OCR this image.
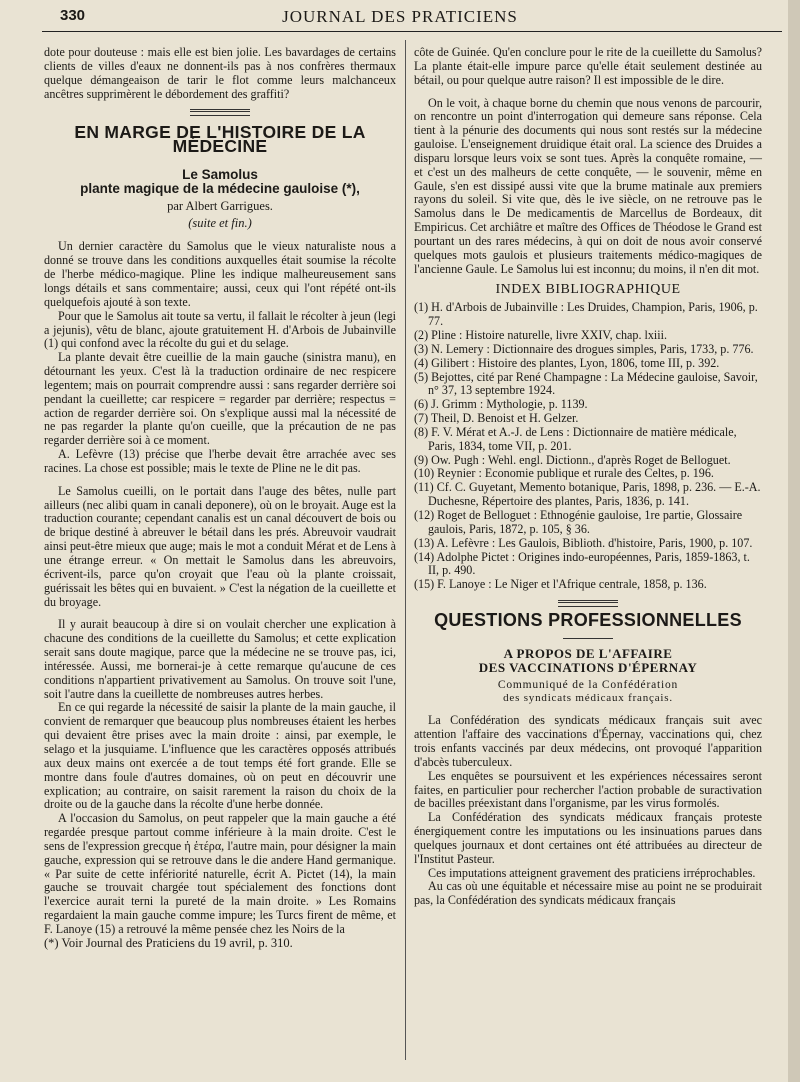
330	JOURNAL DES PRATICIENS

dote pour douteuse : mais elle est bien jolie. Les bavardages de certains clients de villes d'eaux ne donnent-ils pas à nos confrères thermaux quelque démangeaison de tarir le flot comme leurs malchanceux ancêtres supprimèrent le débordement des graffiti?

EN MARGE DE L'HISTOIRE DE LA MÉDECINE
Le Samolus
plante magique de la médecine gauloise (*),
par Albert Garrigues.
(suite et fin.)

Un dernier caractère du Samolus que le vieux naturaliste nous a donné se trouve dans les conditions auxquelles était soumise la récolte de l'herbe médico-magique. Pline les indique malheureusement sans longs détails et sans commentaire; aussi, ceux qui l'ont répété ont-ils quelquefois ajouté à son texte.

Pour que le Samolus ait toute sa vertu, il fallait le récolter à jeun (legi a jejunis), vêtu de blanc, ajoute gratuitement H. d'Arbois de Jubainville (1) qui confond avec la récolte du gui et du selage.

La plante devait être cueillie de la main gauche (sinistra manu), en détournant les yeux. C'est là la traduction ordinaire de nec respicere legentem; mais on pourrait comprendre aussi : sans regarder derrière soi pendant la cueillette; car respicere = regarder par derrière; respectus = action de regarder derrière soi. On s'explique aussi mal la nécessité de ne pas regarder la plante qu'on cueille, que la précaution de ne pas regarder derrière soi à ce moment.

A. Lefèvre (13) précise que l'herbe devait être arrachée avec ses racines. La chose est possible; mais le texte de Pline ne le dit pas.

Le Samolus cueilli, on le portait dans l'auge des bêtes, nulle part ailleurs (nec alibi quam in canali deponere), où on le broyait. Auge est la traduction courante; cependant canalis est un canal découvert de bois ou de brique destiné à abreuver le bétail dans les prés. Abreuvoir vaudrait ainsi peut-être mieux que auge; mais le mot a conduit Mérat et de Lens à une étrange erreur. « On mettait le Samolus dans les abreuvoirs, écrivent-ils, parce qu'on croyait que l'eau où la plante croissait, guérissait les bêtes qui en buvaient. » C'est la négation de la cueillette et du broyage.

Il y aurait beaucoup à dire si on voulait chercher une explication à chacune des conditions de la cueillette du Samolus; et cette explication serait sans doute magique, parce que la médecine ne se trouve pas, ici, intéressée. Aussi, me bornerai-je à cette remarque qu'aucune de ces conditions n'appartient privativement au Samolus. On trouve soit l'une, soit l'autre dans la cueillette de nombreuses autres herbes.

En ce qui regarde la nécessité de saisir la plante de la main gauche, il convient de remarquer que beaucoup plus nombreuses étaient les herbes qui devaient être prises avec la main droite : ainsi, par exemple, le selago et la jusquiame. L'influence que les caractères opposés attribués aux deux mains ont exercée a de tout temps été fort grande. Elle se montre dans foule d'autres domaines, où on peut en découvrir une explication; au contraire, on saisit rarement la raison du choix de la droite ou de la gauche dans la récolte d'une herbe donnée.

A l'occasion du Samolus, on peut rappeler que la main gauche a été regardée presque partout comme inférieure à la main droite. C'est le sens de l'expression grecque ἡ ἑτέρα, l'autre main, pour désigner la main gauche, expression qui se retrouve dans le die andere Hand germanique. « Par suite de cette infériorité naturelle, écrit A. Pictet (14), la main gauche se trouvait chargée tout spécialement des fonctions dont l'exercice aurait terni la pureté de la main droite. » Les Romains regardaient la main gauche comme impure; les Turcs firent de même, et F. Lanoye (15) a retrouvé la même pensée chez les Noirs de la

(*) Voir Journal des Praticiens du 19 avril, p. 310.

côte de Guinée. Qu'en conclure pour le rite de la cueillette du Samolus? La plante était-elle impure parce qu'elle était seulement destinée au bétail, ou pour quelque autre raison? Il est impossible de le dire.

On le voit, à chaque borne du chemin que nous venons de parcourir, on rencontre un point d'interrogation qui demeure sans réponse. Cela tient à la pénurie des documents qui nous sont restés sur la médecine gauloise. L'enseignement druidique était oral. La science des Druides a disparu lorsque leurs voix se sont tues. Après la conquête romaine, — et c'est un des malheurs de cette conquête, — le souvenir, même en Gaule, s'en est dissipé aussi vite que la brume matinale aux premiers rayons du soleil. Si vite que, dès le ive siècle, on ne retrouve pas le Samolus dans le De medicamentis de Marcellus de Bordeaux, dit Empiricus. Cet archiâtre et maître des Offices de Théodose le Grand est pourtant un des rares médecins, à qui on doit de nous avoir conservé quelques mots gaulois et plusieurs traitements médico-magiques de l'ancienne Gaule. Le Samolus lui est inconnu; du moins, il n'en dit mot.

INDEX BIBLIOGRAPHIQUE

(1) H. d'Arbois de Jubainville : Les Druides, Champion, Paris, 1906, p. 77.

(2) Pline : Histoire naturelle, livre XXIV, chap. lxiii.

(3) N. Lemery : Dictionnaire des drogues simples, Paris, 1733, p. 776.

(4) Gilibert : Histoire des plantes, Lyon, 1806, tome III, p. 392.

(5) Bejottes, cité par René Champagne : La Médecine gauloise, Savoir, n° 37, 13 septembre 1924.

(6) J. Grimm : Mythologie, p. 1139.

(7) Theil, D. Benoist et H. Gelzer.

(8) F. V. Mérat et A.-J. de Lens : Dictionnaire de matière médicale, Paris, 1834, tome VII, p. 201.

(9) Ow. Pugh : Wehl. engl. Dictionn., d'après Roget de Belloguet.

(10) Reynier : Economie publique et rurale des Celtes, p. 196.

(11) Cf. C. Guyetant, Memento botanique, Paris, 1898, p. 236. — E.-A. Duchesne, Répertoire des plantes, Paris, 1836, p. 141.

(12) Roget de Belloguet : Ethnogénie gauloise, 1re partie, Glossaire gaulois, Paris, 1872, p. 105, § 36.

(13) A. Lefèvre : Les Gaulois, Biblioth. d'histoire, Paris, 1900, p. 107.

(14) Adolphe Pictet : Origines indo-européennes, Paris, 1859-1863, t. II, p. 490.

(15) F. Lanoye : Le Niger et l'Afrique centrale, 1858, p. 136.

QUESTIONS PROFESSIONNELLES
A PROPOS DE L'AFFAIRE
DES VACCINATIONS D'ÉPERNAY
Communiqué de la Confédération
des syndicats médicaux français.

La Confédération des syndicats médicaux français suit avec attention l'affaire des vaccinations d'Épernay, vaccinations qui, chez trois enfants vaccinés par deux médecins, ont provoqué l'apparition d'abcès tuberculeux.

Les enquêtes se poursuivent et les expériences nécessaires seront faites, en particulier pour rechercher l'action probable de suractivation de bacilles préexistant dans l'organisme, par les virus formolés.

La Confédération des syndicats médicaux français proteste énergiquement contre les imputations ou les insinuations parues dans quelques journaux et dont certaines ont été attribuées au directeur de l'Institut Pasteur.

Ces imputations atteignent gravement des praticiens irréprochables.

Au cas où une équitable et nécessaire mise au point ne se produirait pas, la Confédération des syndicats médicaux français
